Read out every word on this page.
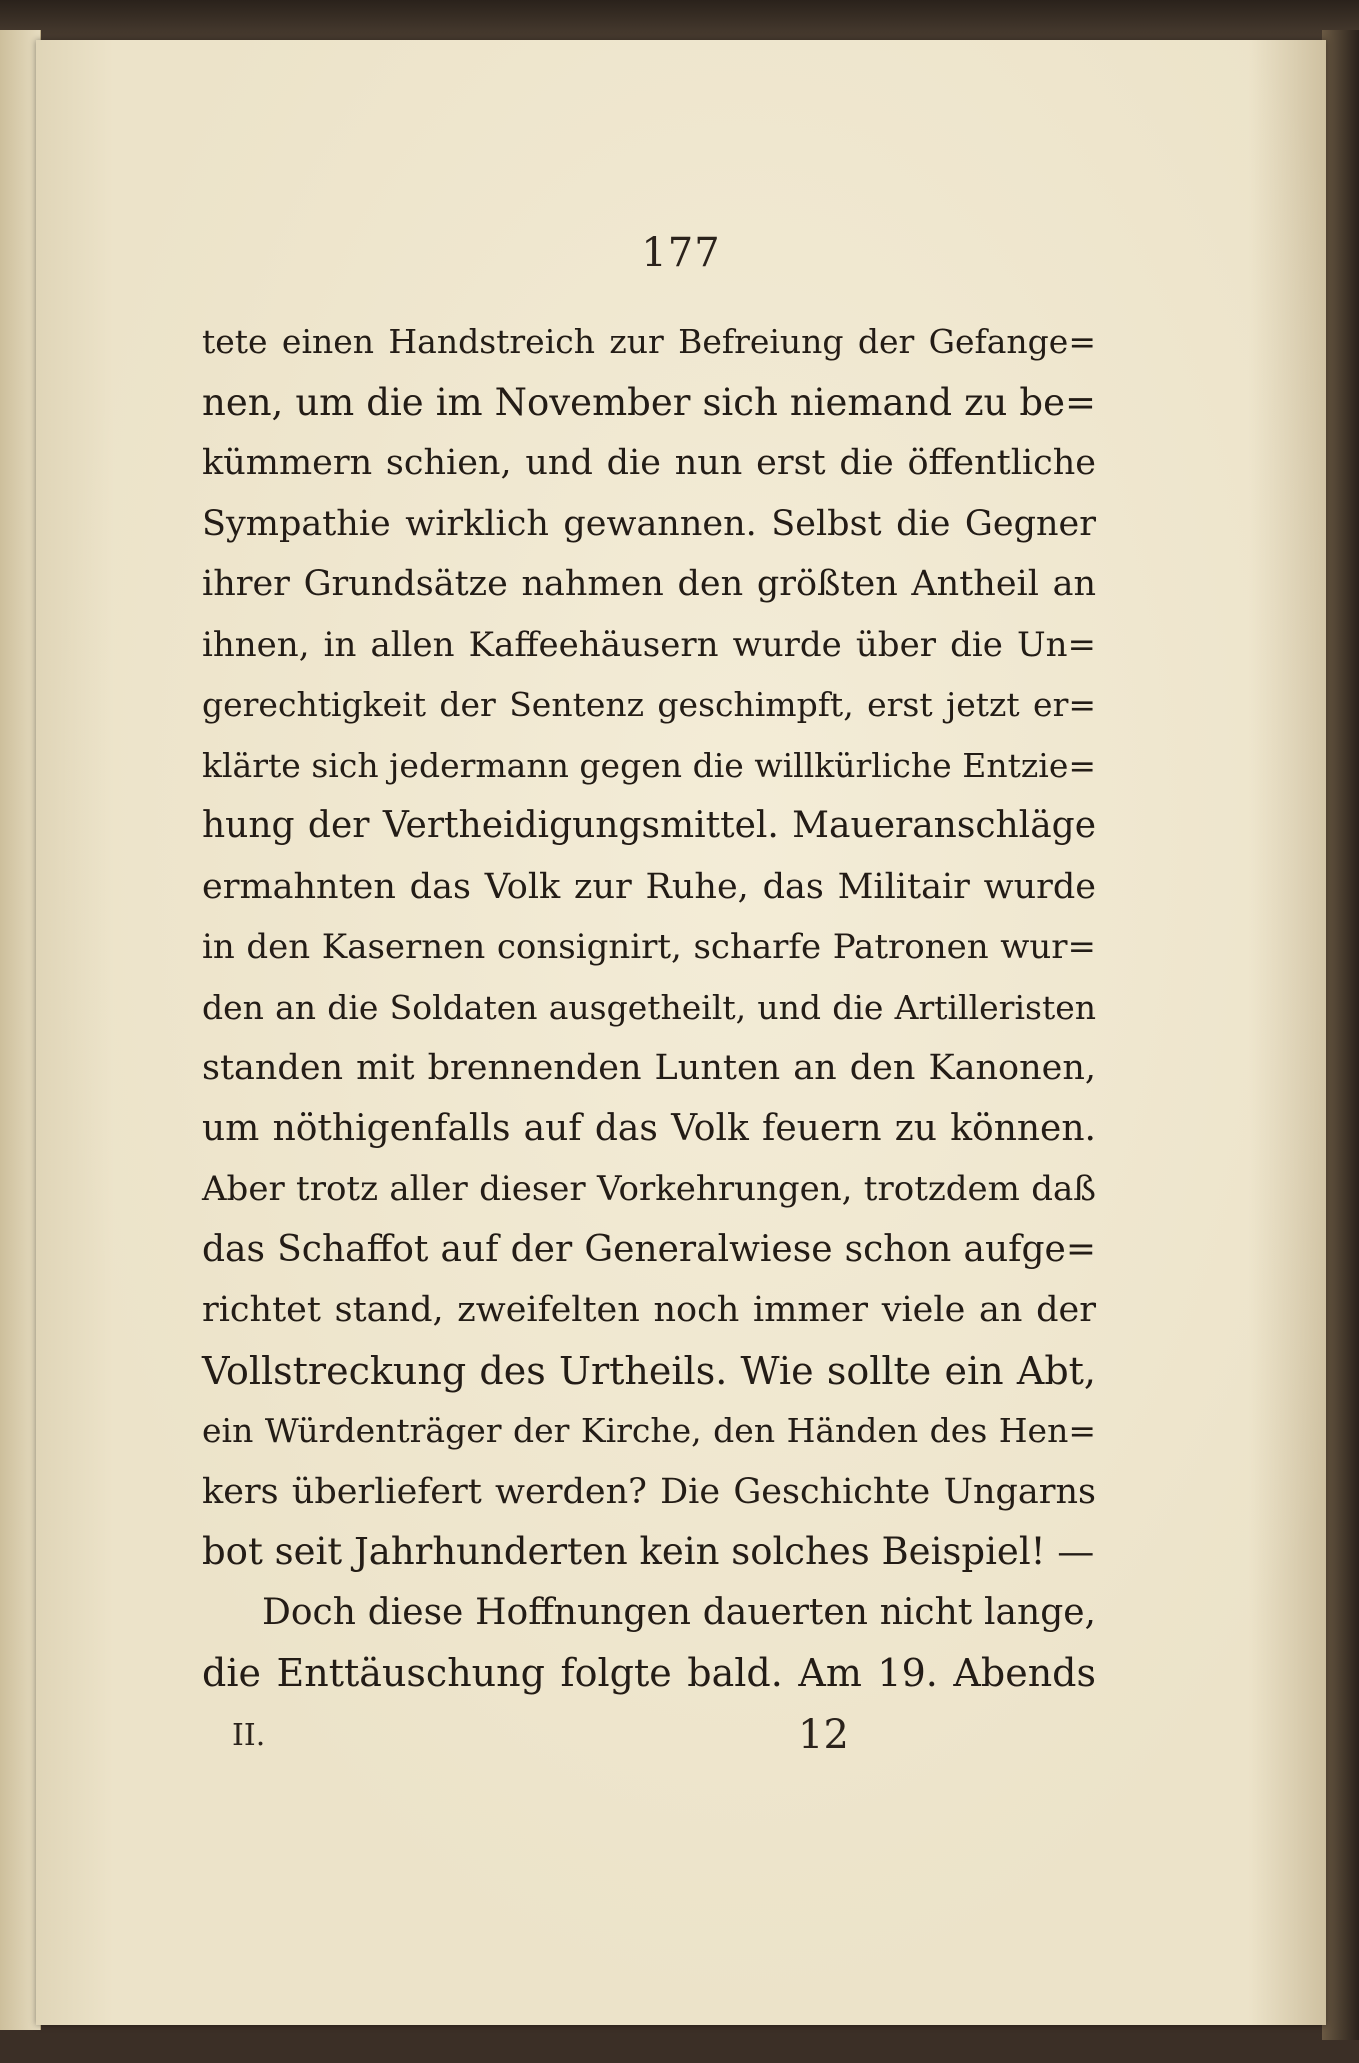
177
tete einen Handstreich zur Befreiung der Gefange=
nen, um die im November sich niemand zu be=
kümmern schien, und die nun erst die öffentliche
Sympathie wirklich gewannen. Selbst die Gegner
ihrer Grundsätze nahmen den größten Antheil an
ihnen, in allen Kaffeehäusern wurde über die Un=
gerechtigkeit der Sentenz geschimpft, erst jetzt er=
klärte sich jedermann gegen die willkürliche Entzie=
hung der Vertheidigungsmittel. Maueranschläge
ermahnten das Volk zur Ruhe, das Militair wurde
in den Kasernen consignirt, scharfe Patronen wur=
den an die Soldaten ausgetheilt, und die Artilleristen
standen mit brennenden Lunten an den Kanonen,
um nöthigenfalls auf das Volk feuern zu können.
Aber trotz aller dieser Vorkehrungen, trotzdem daß
das Schaffot auf der Generalwiese schon aufge=
richtet stand, zweifelten noch immer viele an der
Vollstreckung des Urtheils. Wie sollte ein Abt,
ein Würdenträger der Kirche, den Händen des Hen=
kers überliefert werden? Die Geschichte Ungarns
bot seit Jahrhunderten kein solches Beispiel! —
Doch diese Hoffnungen dauerten nicht lange,
die Enttäuschung folgte bald. Am 19. Abends
II.	12
